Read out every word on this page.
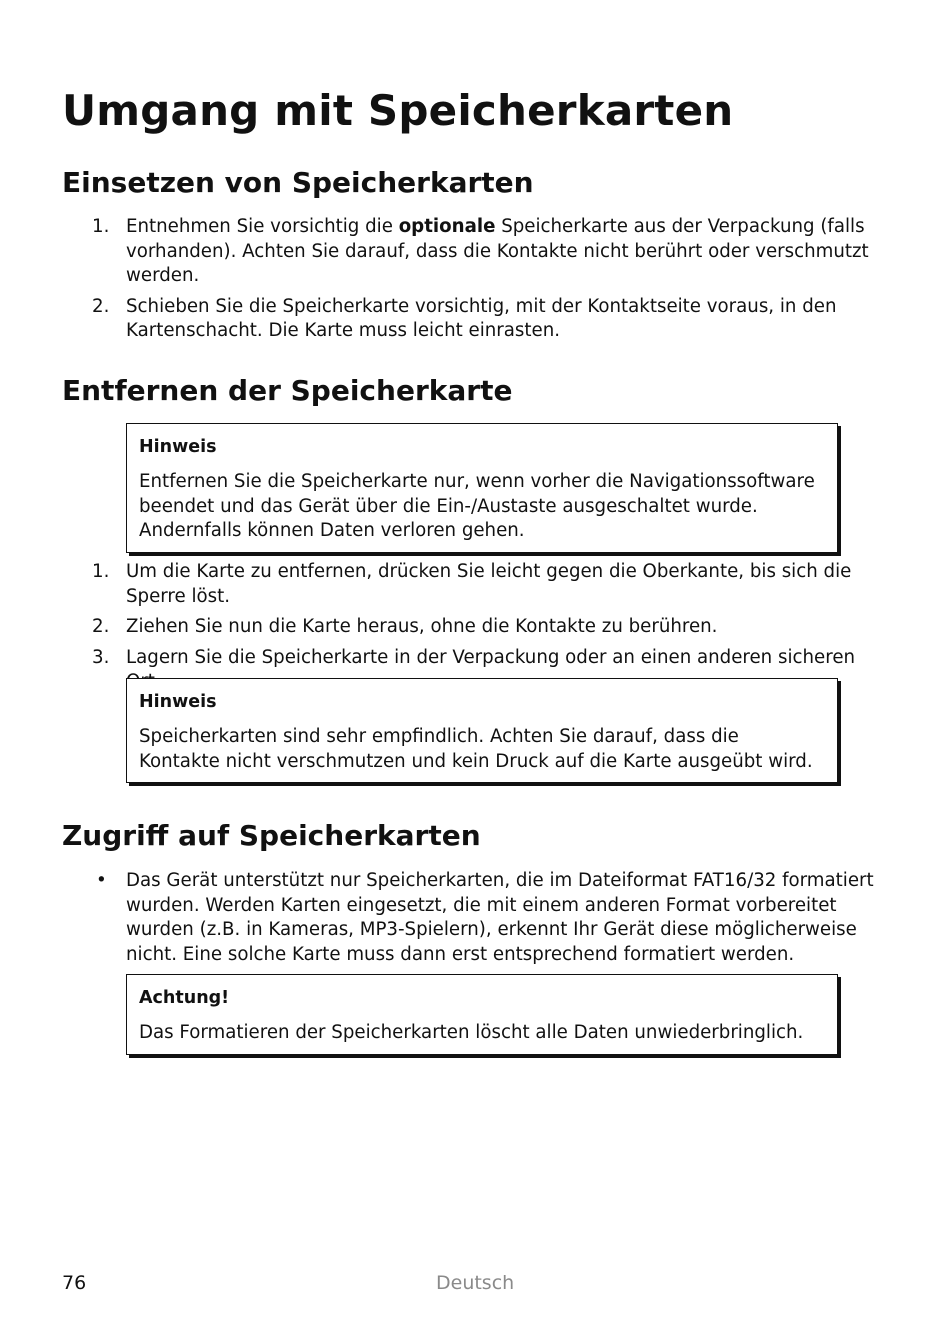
Umgang mit Speicherkarten
Einsetzen von Speicherkarten
1. Entnehmen Sie vorsichtig die optionale Speicherkarte aus der Verpackung (falls vorhanden). Achten Sie darauf, dass die Kontakte nicht berührt oder verschmutzt werden.
2. Schieben Sie die Speicherkarte vorsichtig, mit der Kontaktseite voraus, in den Kartenschacht. Die Karte muss leicht einrasten.
Entfernen der Speicherkarte
Hinweis
Entfernen Sie die Speicherkarte nur, wenn vorher die Navigationssoftware beendet und das Gerät über die Ein-/Austaste ausgeschaltet wurde. Andernfalls können Daten verloren gehen.
1. Um die Karte zu entfernen, drücken Sie leicht gegen die Oberkante, bis sich die Sperre löst.
2. Ziehen Sie nun die Karte heraus, ohne die Kontakte zu berühren.
3. Lagern Sie die Speicherkarte in der Verpackung oder an einen anderen sicheren
Hinweis
Speicherkarten sind sehr empfindlich. Achten Sie darauf, dass die Kontakte nicht verschmutzen und kein Druck auf die Karte ausgeübt wird.
Zugriff auf Speicherkarten
• Das Gerät unterstützt nur Speicherkarten, die im Dateiformat FAT16/32 formatiert wurden. Werden Karten eingesetzt, die mit einem anderen Format vorbereitet wurden (z.B. in Kameras, MP3-Spielern), erkennt Ihr Gerät diese möglicherweise nicht. Eine solche Karte muss dann erst entsprechend formatiert werden.
Achtung!
Das Formatieren der Speicherkarten löscht alle Daten unwiederbringlich.
76	Deutsch
